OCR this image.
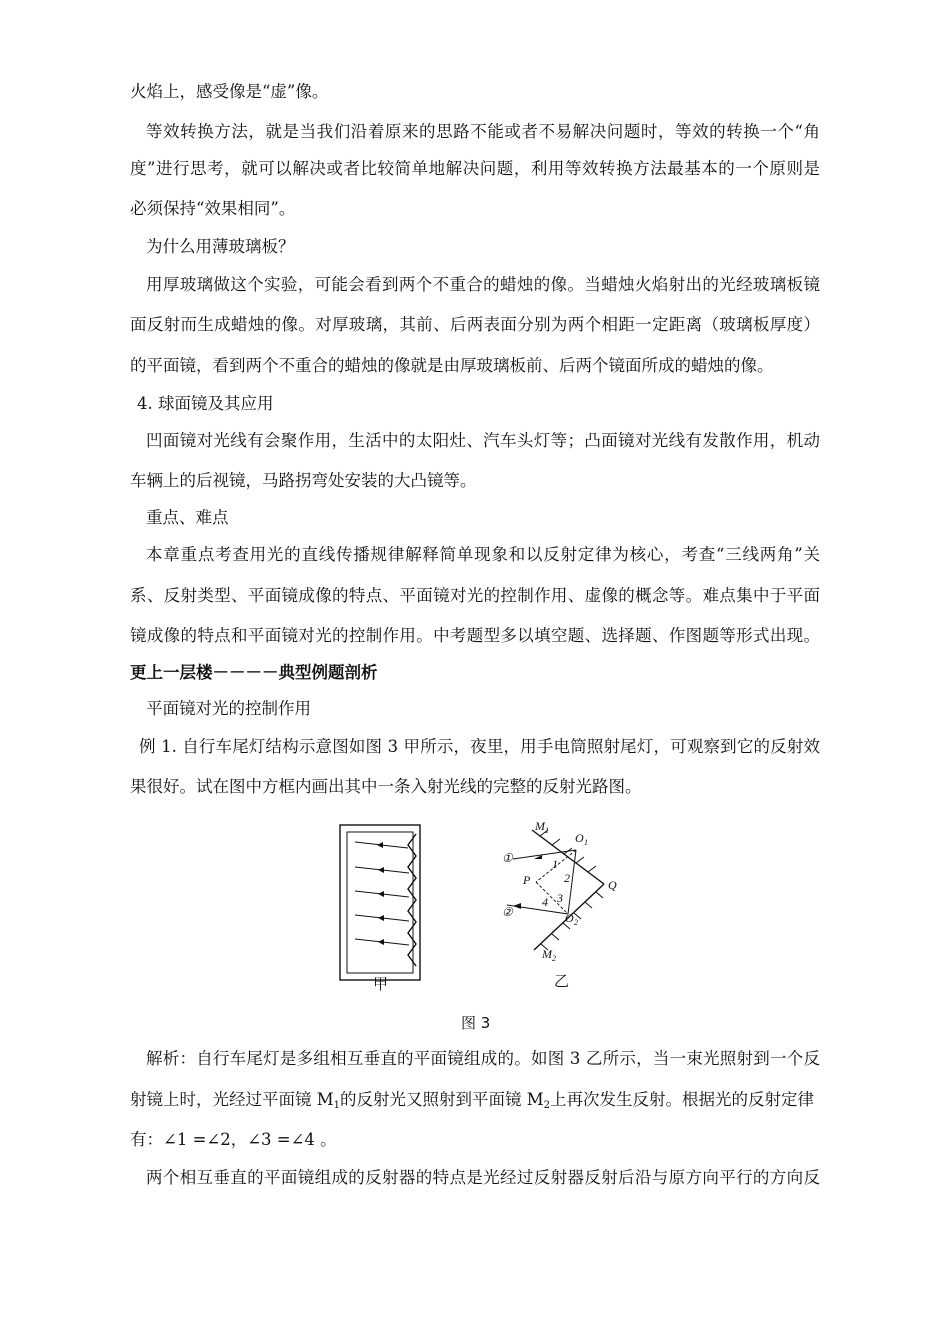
火焰上，感受像是“虚”像。
等效转换方法，就是当我们沿着原来的思路不能或者不易解决问题时，等效的转换一个“角
度”进行思考，就可以解决或者比较简单地解决问题，利用等效转换方法最基本的一个原则是
必须保持“效果相同”。
为什么用薄玻璃板？
用厚玻璃做这个实验，可能会看到两个不重合的蜡烛的像。当蜡烛火焰射出的光经玻璃板镜
面反射而生成蜡烛的像。对厚玻璃，其前、后两表面分别为两个相距一定距离（玻璃板厚度）
的平面镜，看到两个不重合的蜡烛的像就是由厚玻璃板前、后两个镜面所成的蜡烛的像。
4. 球面镜及其应用
凹面镜对光线有会聚作用，生活中的太阳灶、汽车头灯等；凸面镜对光线有发散作用，机动
车辆上的后视镜，马路拐弯处安装的大凸镜等。
重点、难点
本章重点考查用光的直线传播规律解释简单现象和以反射定律为核心，考查“三线两角”关
系、反射类型、平面镜成像的特点、平面镜对光的控制作用、虚像的概念等。难点集中于平面
镜成像的特点和平面镜对光的控制作用。中考题型多以填空题、选择题、作图题等形式出现。
更上一层楼－－－－典型例题剖析
平面镜对光的控制作用
例 1. 自行车尾灯结构示意图如图 3 甲所示，夜里，用手电筒照射尾灯，可观察到它的反射效
果很好。试在图中方框内画出其中一条入射光线的完整的反射光路图。
M 1
O 1
①	1
2
P	Q
3
4
O 2
②
M 2
甲	乙
图 3
解析：自行车尾灯是多组相互垂直的平面镜组成的。如图 3 乙所示，当一束光照射到一个反
射镜上时，光经过平面镜 $M_1$的反射光又照射到平面镜 $M_2$上再次发生反射。根据光的反射定律
有：∠1 =∠2，∠3 =∠4 。
两个相互垂直的平面镜组成的反射器的特点是光经过反射器反射后沿与原方向平行的方向反
